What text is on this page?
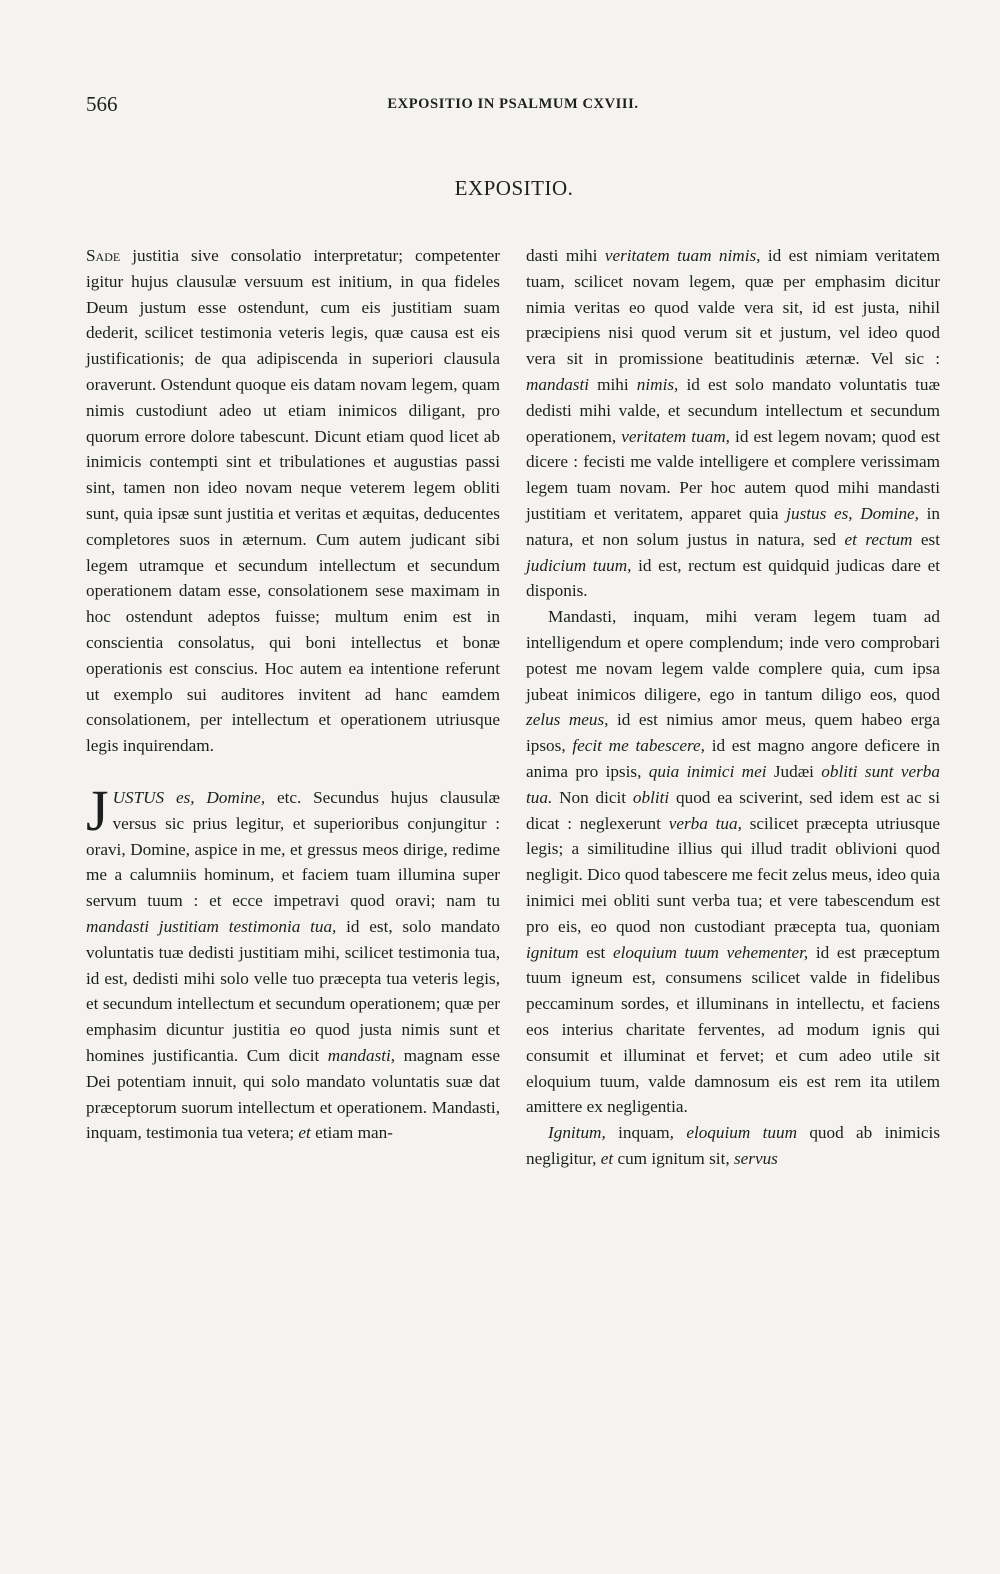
566	EXPOSITIO IN PSALMUM CXVIII.
EXPOSITIO.

Sade justitia sive consolatio interpretatur; competenter igitur hujus clausulæ versuum est initium, in qua fideles Deum justum esse ostendunt, cum eis justitiam suam dederit, scilicet testimonia veteris legis, quæ causa est eis justificationis; de qua adipiscenda in superiori clausula oraverunt. Ostendunt quoque eis datam novam legem, quam nimis custodiunt adeo ut etiam inimicos diligant, pro quorum errore dolore tabescunt. Dicunt etiam quod licet ab inimicis contempti sint et tribulationes et augustias passi sint, tamen non ideo novam neque veterem legem obliti sunt, quia ipsæ sunt justitia et veritas et æquitas, deducentes completores suos in æternum. Cum autem judicant sibi legem utramque et secundum intellectum et secundum operationem datam esse, consolationem sese maximam in hoc ostendunt adeptos fuisse; multum enim est in conscientia consolatus, qui boni intellectus et bonæ operationis est conscius. Hoc autem ea intentione referunt ut exemplo sui auditores invitent ad hanc eamdem consolationem, per intellectum et operationem utriusque legis inquirendam.

JUSTUS es, Domine, etc. Secundus hujus clausulæ versus sic prius legitur, et superioribus conjungitur : oravi, Domine, aspice in me, et gressus meos dirige, redime me a calumniis hominum, et faciem tuam illumina super servum tuum : et ecce impetravi quod oravi; nam tu mandasti justitiam testimonia tua, id est, solo mandato voluntatis tuæ dedisti justitiam mihi, scilicet testimonia tua, id est, dedisti mihi solo velle tuo præcepta tua veteris legis, et secundum intellectum et secundum operationem; quæ per emphasim dicuntur justitia eo quod justa nimis sunt et homines justificantia. Cum dicit mandasti, magnam esse Dei potentiam innuit, qui solo mandato voluntatis suæ dat præceptorum suorum intellectum et operationem. Mandasti, inquam, testimonia tua vetera; et etiam man-

dasti mihi veritatem tuam nimis, id est nimiam veritatem tuam, scilicet novam legem, quæ per emphasim dicitur nimia veritas eo quod valde vera sit, id est justa, nihil præcipiens nisi quod verum sit et justum, vel ideo quod vera sit in promissione beatitudinis æternæ. Vel sic : mandasti mihi nimis, id est solo mandato voluntatis tuæ dedisti mihi valde, et secundum intellectum et secundum operationem, veritatem tuam, id est legem novam; quod est dicere : fecisti me valde intelligere et complere verissimam legem tuam novam. Per hoc autem quod mihi mandasti justitiam et veritatem, apparet quia justus es, Domine, in natura, et non solum justus in natura, sed et rectum est judicium tuum, id est, rectum est quidquid judicas dare et disponis.

Mandasti, inquam, mihi veram legem tuam ad intelligendum et opere complendum; inde vero comprobari potest me novam legem valde complere quia, cum ipsa jubeat inimicos diligere, ego in tantum diligo eos, quod zelus meus, id est nimius amor meus, quem habeo erga ipsos, fecit me tabescere, id est magno angore deficere in anima pro ipsis, quia inimici mei Judæi obliti sunt verba tua. Non dicit obliti quod ea sciverint, sed idem est ac si dicat : neglexerunt verba tua, scilicet præcepta utriusque legis; a similitudine illius qui illud tradit oblivioni quod negligit. Dico quod tabescere me fecit zelus meus, ideo quia inimici mei obliti sunt verba tua; et vere tabescendum est pro eis, eo quod non custodiant præcepta tua, quoniam ignitum est eloquium tuum vehementer, id est præceptum tuum igneum est, consumens scilicet valde in fidelibus peccaminum sordes, et illuminans in intellectu, et faciens eos interius charitate ferventes, ad modum ignis qui consumit et illuminat et fervet; et cum adeo utile sit eloquium tuum, valde damnosum eis est rem ita utilem amittere ex negligentia.

Ignitum, inquam, eloquium tuum quod ab inimicis negligitur, et cum ignitum sit, servus
